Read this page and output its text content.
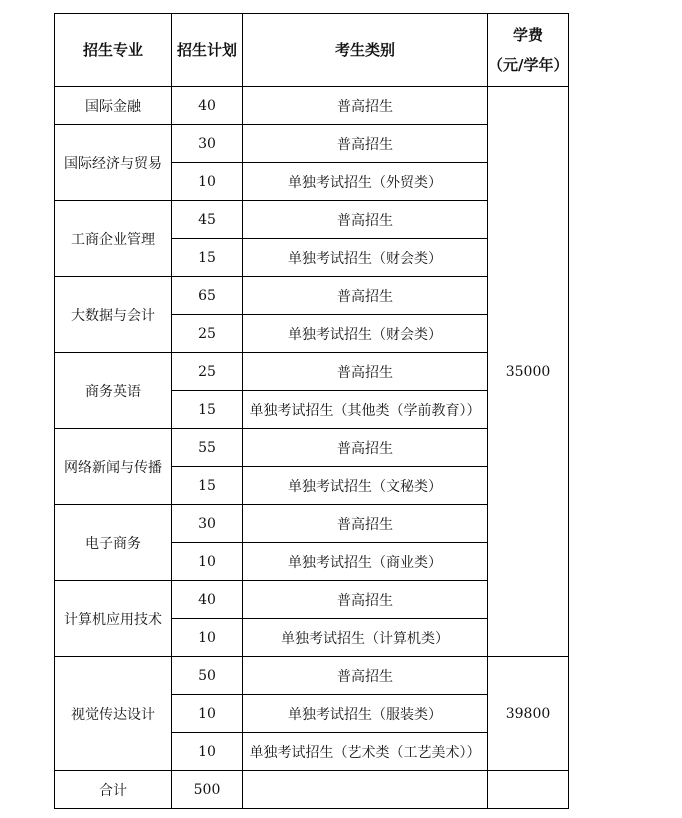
招生专业	招生计划	考生类别	学费
（元/学年）

国际金融	40	普高招生	35000
国际经济与贸易	30	普高招生	
	10	单独考试招生（外贸类）	
工商企业管理	45	普高招生	
	15	单独考试招生（财会类）	
大数据与会计	65	普高招生	
	25	单独考试招生（财会类）	
商务英语	25	普高招生	
	15	单独考试招生（其他类（学前教育））	
网络新闻与传播	55	普高招生	
	15	单独考试招生（文秘类）	
电子商务	30	普高招生	
	10	单独考试招生（商业类）	
计算机应用技术	40	普高招生	
	10	单独考试招生（计算机类）	
视觉传达设计	50	普高招生	39800
	10	单独考试招生（服装类）	
	10	单独考试招生（艺术类（工艺美术））	
合计	500		
